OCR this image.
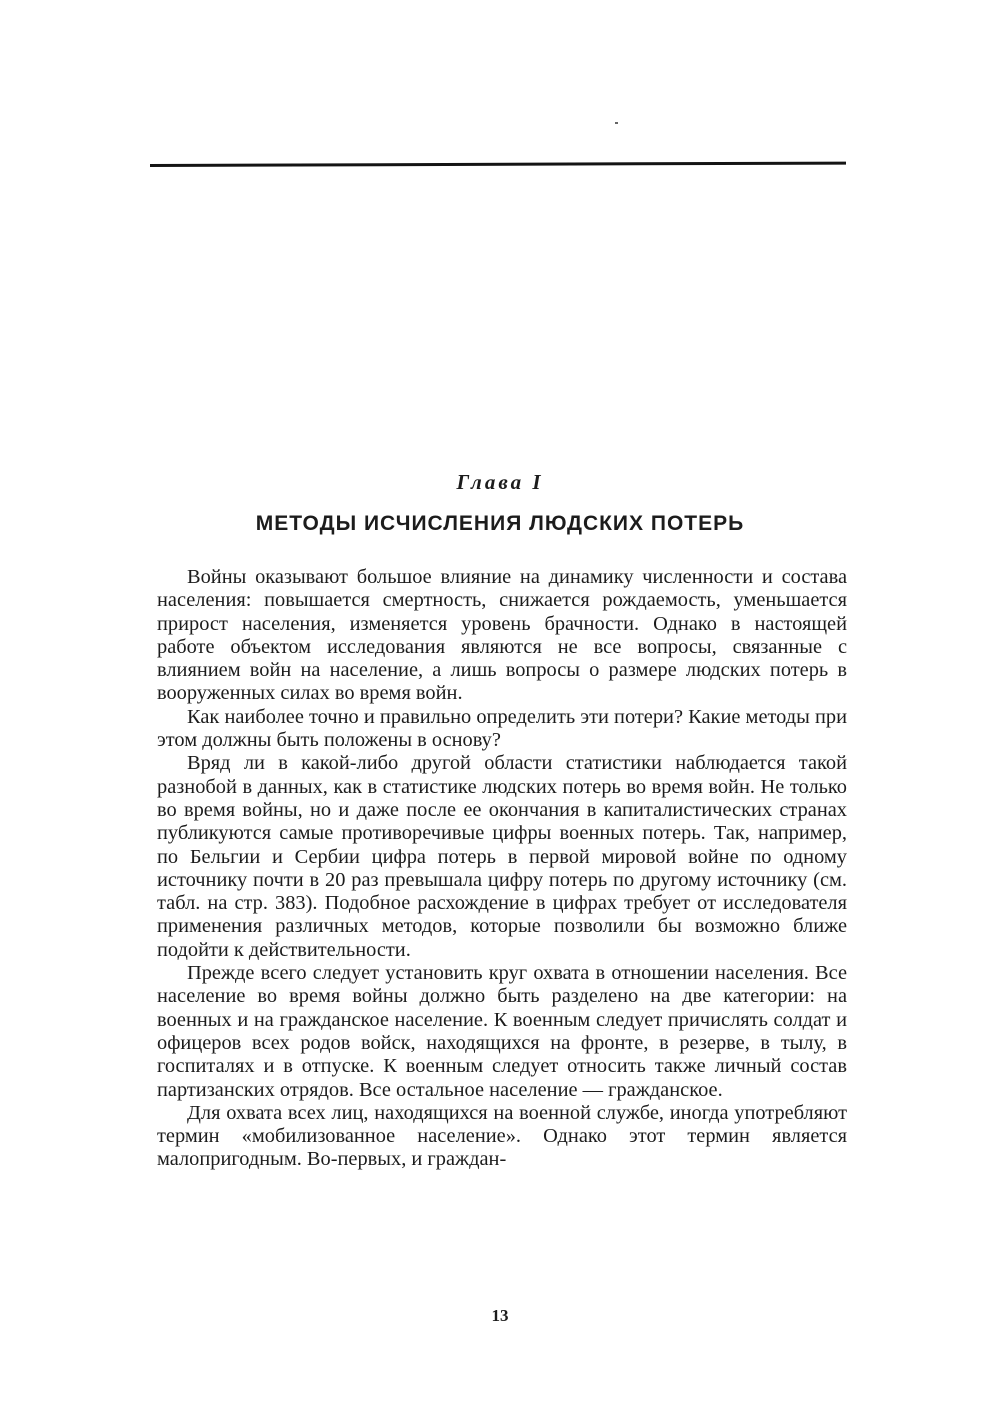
Глава I
МЕТОДЫ ИСЧИСЛЕНИЯ ЛЮДСКИХ ПОТЕРЬ

Войны оказывают большое влияние на динамику численности и состава населения: повышается смертность, снижается рождаемость, уменьшается прирост населения, изменяется уровень брачности. Однако в настоящей работе объектом исследования являются не все вопросы, связанные с влиянием войн на население, а лишь вопросы о размере людских потерь в вооруженных силах во время войн.

Как наиболее точно и правильно определить эти потери? Какие методы при этом должны быть положены в основу?

Вряд ли в какой-либо другой области статистики наблюдается такой разнобой в данных, как в статистике людских потерь во время войн. Не только во время войны, но и даже после ее окончания в капиталистических странах публикуются самые противоречивые цифры военных потерь. Так, например, по Бельгии и Сербии цифра потерь в первой мировой войне по одному источнику почти в 20 раз превышала цифру потерь по другому источнику (см. табл. на стр. 383). Подобное расхождение в цифрах требует от исследователя применения различных методов, которые позволили бы возможно ближе подойти к действительности.

Прежде всего следует установить круг охвата в отношении населения. Все население во время войны должно быть разделено на две категории: на военных и на гражданское население. К военным следует причислять солдат и офицеров всех родов войск, находящихся на фронте, в резерве, в тылу, в госпиталях и в отпуске. К военным следует относить также личный состав партизанских отрядов. Все остальное население — гражданское.

Для охвата всех лиц, находящихся на военной службе, иногда употребляют термин «мобилизованное население». Однако этот термин является малопригодным. Во-первых, и граждан-

13
